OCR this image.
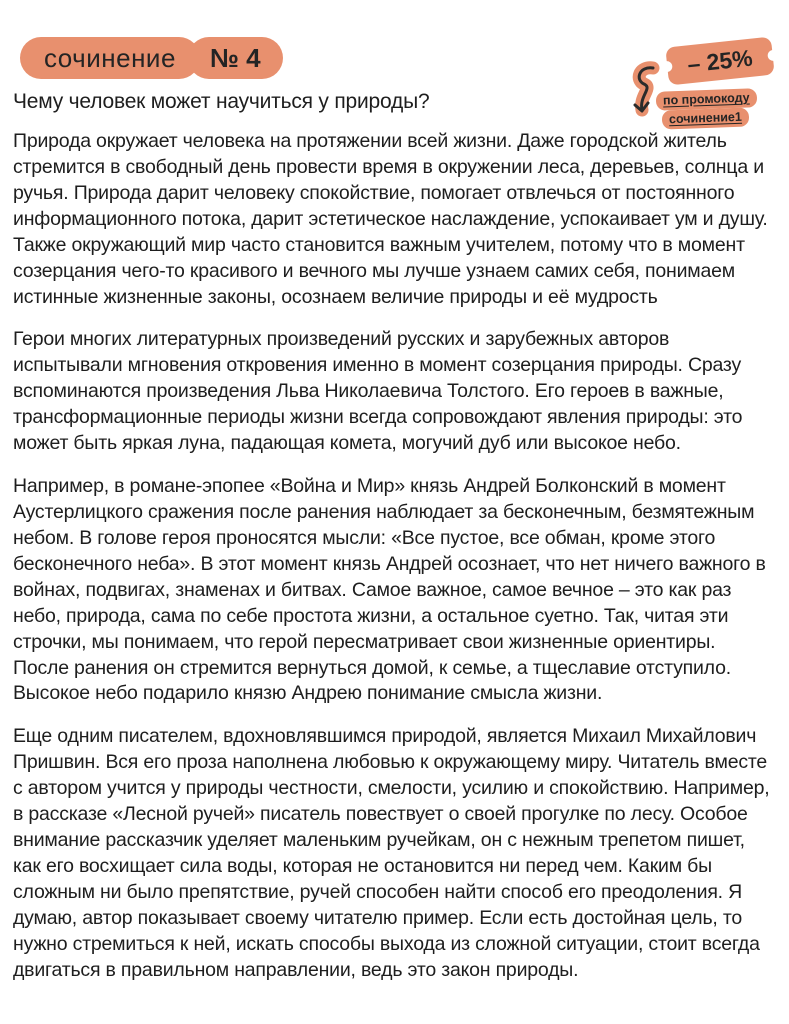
сочинение № 4	– 25%
по промокоду
сочинение1
Чему человек может научиться у природы?

Природа окружает человека на протяжении всей жизни. Даже городской житель стремится в свободный день провести время в окружении леса, деревьев, солнца и ручья. Природа дарит человеку спокойствие, помогает отвлечься от постоянного информационного потока, дарит эстетическое наслаждение, успокаивает ум и душу. Также окружающий мир часто становится важным учителем, потому что в момент созерцания чего-то красивого и вечного мы лучше узнаем самих себя, понимаем истинные жизненные законы, осознаем величие природы и её мудрость

Герои многих литературных произведений русских и зарубежных авторов испытывали мгновения откровения именно в момент созерцания природы. Сразу вспоминаются произведения Льва Николаевича Толстого. Его героев в важные, трансформационные периоды жизни всегда сопровождают явления природы: это может быть яркая луна, падающая комета, могучий дуб или высокое небо.

Например, в романе-эпопее «Война и Мир» князь Андрей Болконский в момент Аустерлицкого сражения после ранения наблюдает за бесконечным, безмятежным небом. В голове героя проносятся мысли: «Все пустое, все обман, кроме этого бесконечного неба». В этот момент князь Андрей осознает, что нет ничего важного в войнах, подвигах, знаменах и битвах. Самое важное, самое вечное – это как раз небо, природа, сама по себе простота жизни, а остальное суетно. Так, читая эти строчки, мы понимаем, что герой пересматривает свои жизненные ориентиры. После ранения он стремится вернуться домой, к семье, а тщеславие отступило. Высокое небо подарило князю Андрею понимание смысла жизни.

Еще одним писателем, вдохновлявшимся природой, является Михаил Михайлович Пришвин. Вся его проза наполнена любовью к окружающему миру. Читатель вместе с автором учится у природы честности, смелости, усилию и спокойствию. Например, в рассказе «Лесной ручей» писатель повествует о своей прогулке по лесу. Особое внимание рассказчик уделяет маленьким ручейкам, он с нежным трепетом пишет, как его восхищает сила воды, которая не остановится ни перед чем. Каким бы сложным ни было препятствие, ручей способен найти способ его преодоления. Я думаю, автор показывает своему читателю пример. Если есть достойная цель, то нужно стремиться к ней, искать способы выхода из сложной ситуации, стоит всегда двигаться в правильном направлении, ведь это закон природы.
